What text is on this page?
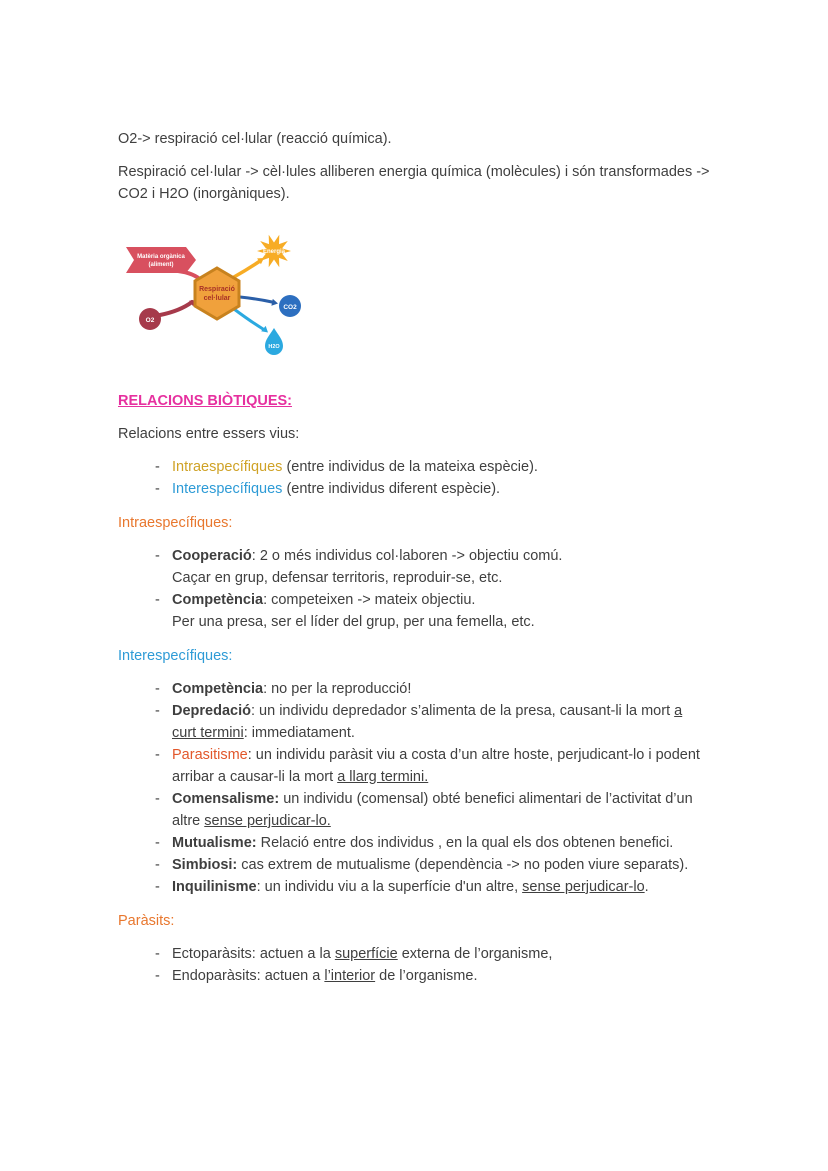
O2-> respiració cel·lular (reacció química).

Respiració cel·lular -> cèl·lules alliberen energia química (molècules) i són transformades -> CO2 i H2O (inorgàniques).

Matèria orgànica
(aliment)
O2
Respiració
cel·lular
Energia
CO2
H2O
RELACIONS BIÒTIQUES:

Relacions entre essers vius:

- Intraespecífiques (entre individus de la mateixa espècie).
- Interespecífiques (entre individus diferent espècie).
Intraespecífiques:
- Cooperació: 2 o més individus col·laboren -> objectiu comú.
Caçar en grup, defensar territoris, reproduir-se, etc.
- Competència: competeixen -> mateix objectiu.
Per una presa, ser el líder del grup, per una femella, etc.
Interespecífiques:
- Competència: no per la reproducció!
- Depredació: un individu depredador s’alimenta de la presa, causant-li la mort a curt termini: immediatament.
- Parasitisme: un individu paràsit viu a costa d’un altre hoste, perjudicant-lo i podent arribar a causar-li la mort a llarg termini.
- Comensalisme: un individu (comensal) obté benefici alimentari de l’activitat d’un altre sense perjudicar-lo.
- Mutualisme: Relació entre dos individus , en la qual els dos obtenen benefici.
- Simbiosi: cas extrem de mutualisme (dependència -> no poden viure separats).
- Inquilinisme: un individu viu a la superfície d'un altre, sense perjudicar-lo.
Paràsits:
- Ectoparàsits: actuen a la superfície externa de l’organisme,
- Endoparàsits: actuen a l’interior de l’organisme.
